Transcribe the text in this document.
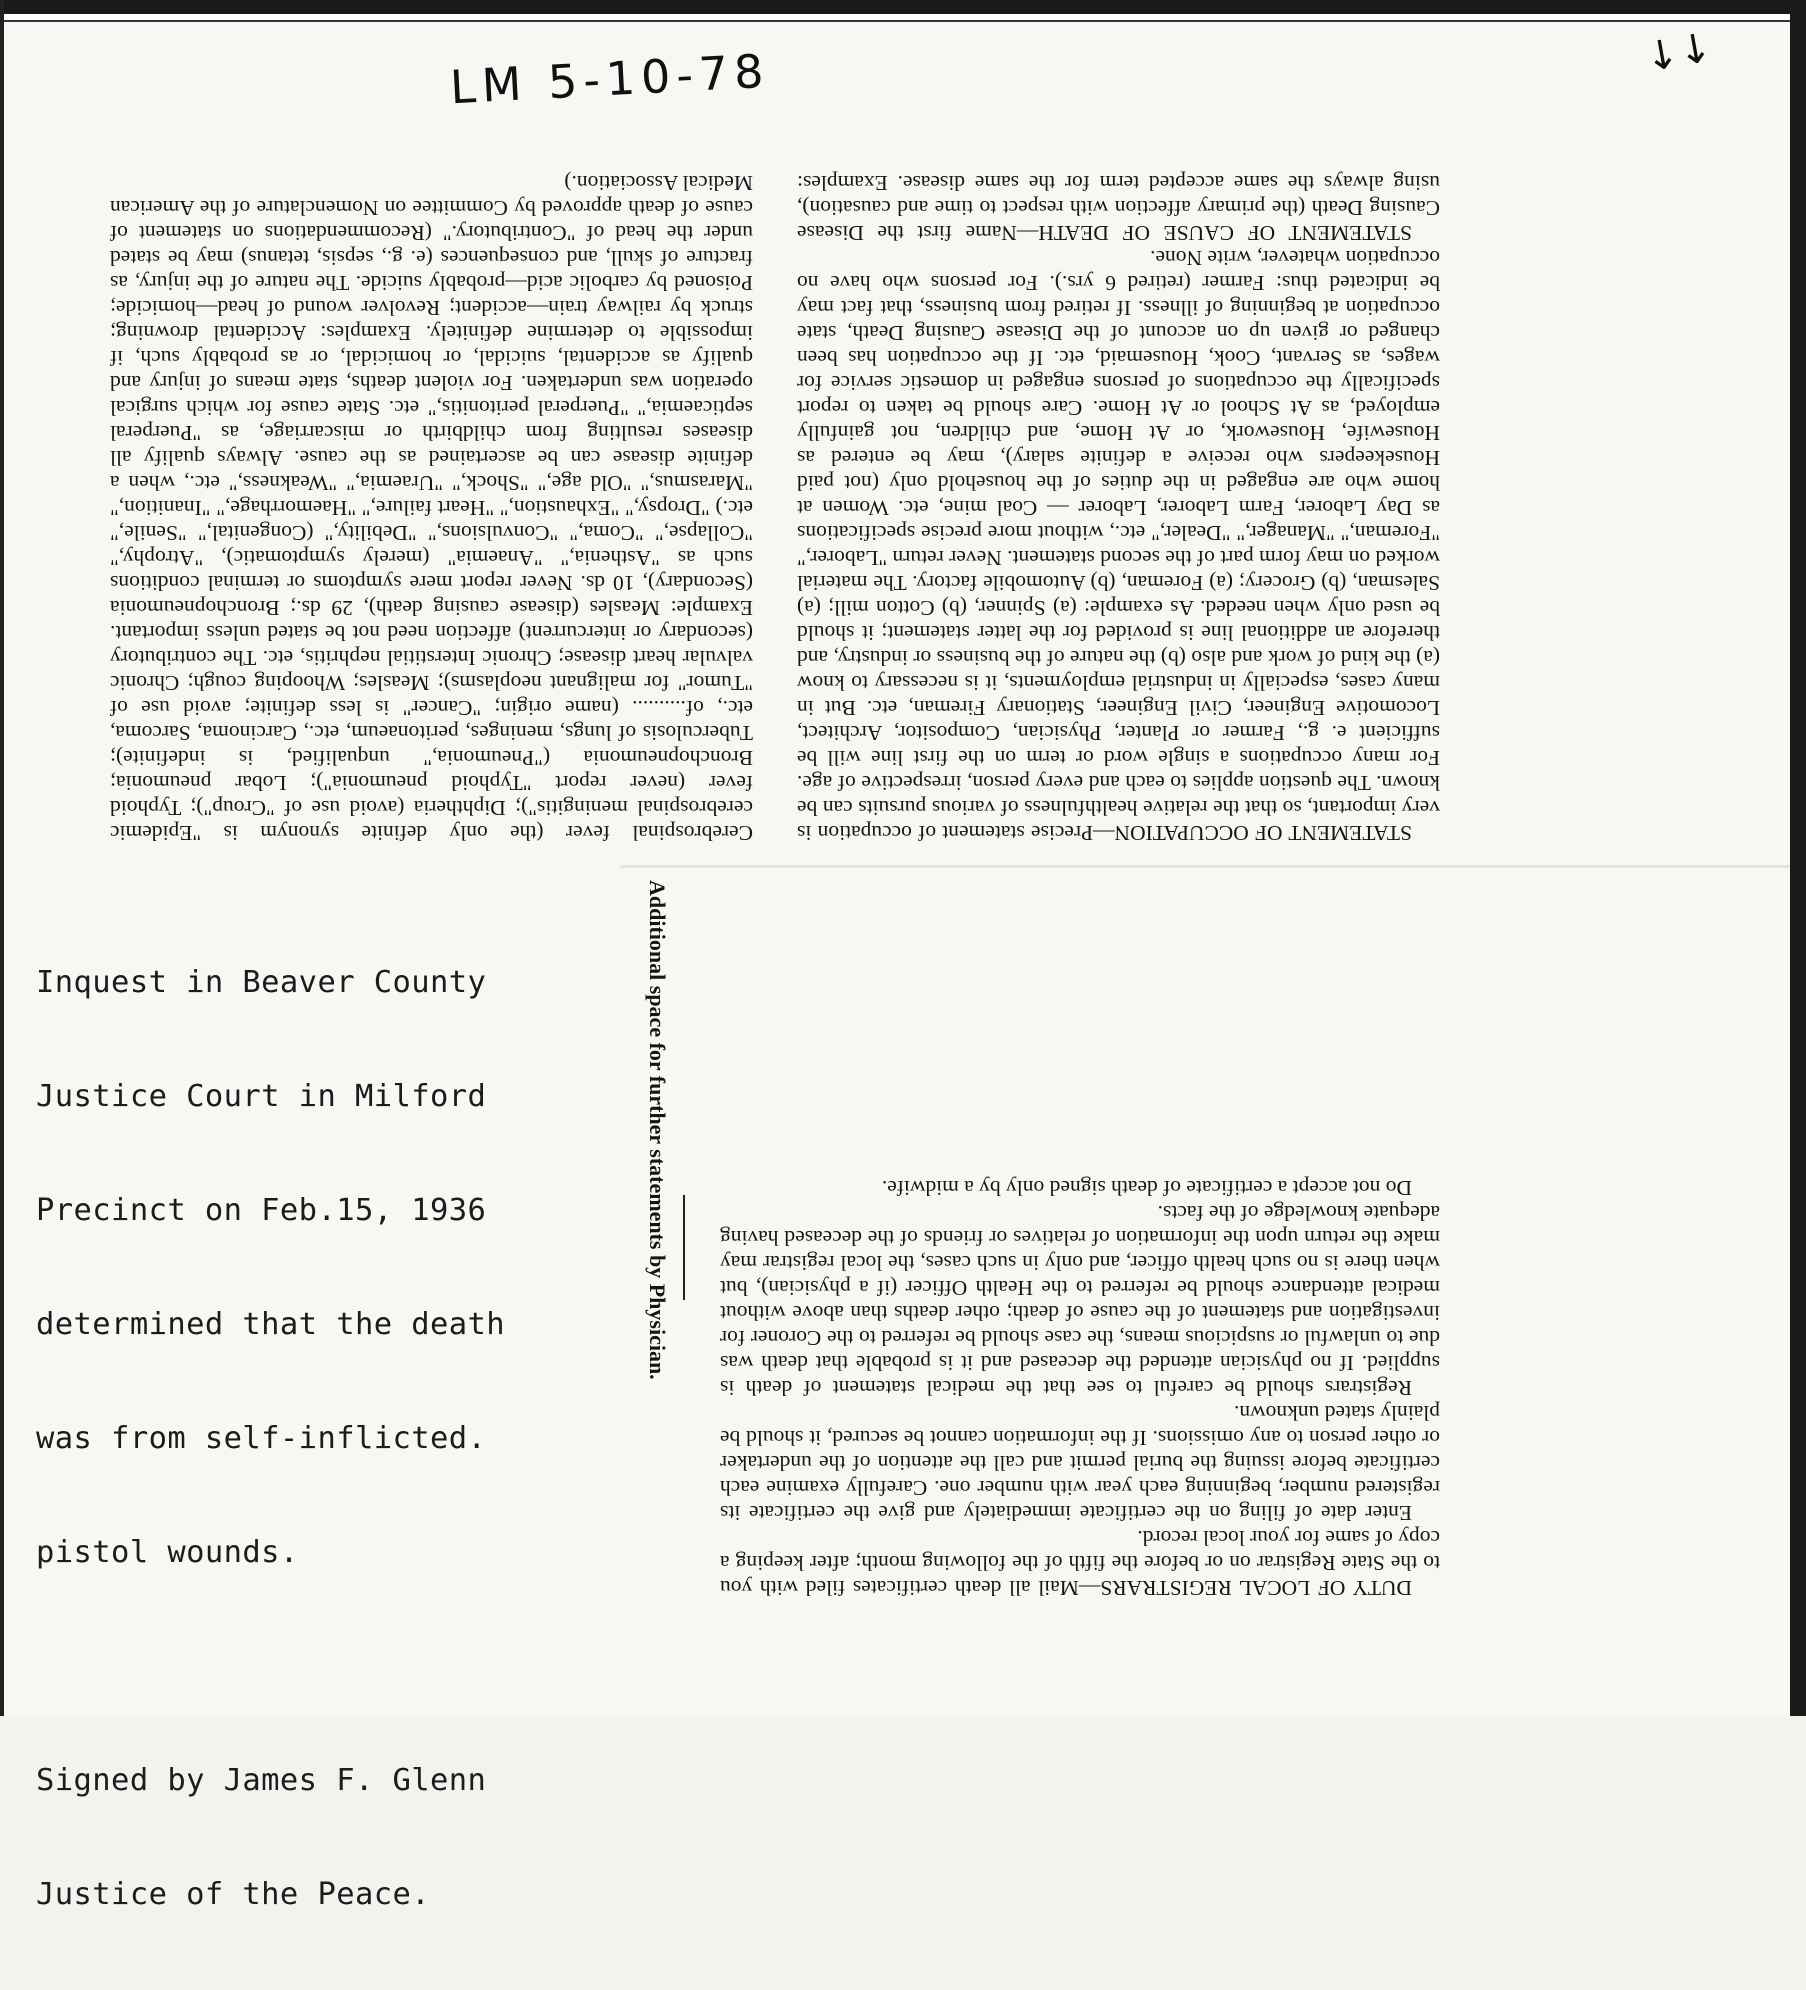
LM 5-10-78	↓↓

STATEMENT OF OCCUPATION—Precise statement of occupation is very important, so that the relative healthfulness of various pursuits can be known. The question applies to each and every person, irrespective of age. For many occupations a single word or term on the first line will be sufficient e. g., Farmer or Planter, Physician, Compositor, Architect, Locomotive Engineer, Civil Engineer, Stationary Fireman, etc. But in many cases, especially in industrial employments, it is necessary to know (a) the kind of work and also (b) the nature of the business or industry, and therefore an additional line is provided for the latter statement; it should be used only when needed. As example: (a) Spinner, (b) Cotton mill; (a) Salesman, (b) Grocery; (a) Foreman, (b) Automobile factory. The material worked on may form part of the second statement. Never return "Laborer," "Foreman," "Manager," "Dealer," etc., without more precise specifications as Day Laborer, Farm Laborer, Laborer — Coal mine, etc. Women at home who are engaged in the duties of the household only (not paid Housekeepers who receive a definite salary), may be entered as Housewife, Housework, or At Home, and children, not gainfully employed, as At School or At Home. Care should be taken to report specifically the occupations of persons engaged in domestic service for wages, as Servant, Cook, Housemaid, etc. If the occupation has been changed or given up on account of the Disease Causing Death, state occupation at beginning of illness. If retired from business, that fact may be indicated thus: Farmer (retired 6 yrs.). For persons who have no occupation whatever, write None.

STATEMENT OF CAUSE OF DEATH—Name first the Disease Causing Death (the primary affection with respect to time and causation), using always the same accepted term for the same disease. Examples: Cerebrospinal fever (the only definite synonym is "Epidemic cerebrospinal meningitis"); Diphtheria (avoid use of "Croup"); Typhoid fever (never report "Typhoid pneumonia"); Lobar pneumonia; Bronchopneumonia ("Pneumonia," unqualified, is indefinite); Tuberculosis of lungs, meninges, peritonaeum, etc., Carcinoma, Sarcoma, etc., of.......... (name origin; "Cancer" is less definite; avoid use of "Tumor" for malignant neoplasms); Measles; Whooping cough; Chronic valvular heart disease; Chronic Interstitial nephritis, etc. The contributory (secondary or intercurrent) affection need not be stated unless important. Example: Measles (disease causing death), 29 ds.; Bronchopneumonia (Secondary), 10 ds. Never report mere symptoms or terminal conditions such as "Asthenia," "Anaemia" (merely symptomatic), "Atrophy," "Collapse," "Coma," "Convulsions," "Debility," (Congenital," "Senile," etc.) "Dropsy," "Exhaustion," "Heart failure," "Haemorrhage," "Inanition," "Marasmus," "Old age," "Shock," "Uraemia," "Weakness," etc., when a definite disease can be ascertained as the cause. Always qualify all diseases resulting from childbirth or miscarriage, as "Puerperal septicaemia," "Puerperal peritonitis," etc. State cause for which surgical operation was undertaken. For violent deaths, state means of injury and qualify as accidental, suicidal, or homicidal, or as probably such, if impossible to determine definitely. Examples: Accidental drowning; struck by railway train—accident; Revolver wound of head—homicide; Poisoned by carbolic acid—probably suicide. The nature of the injury, as fracture of skull, and consequences (e. g., sepsis, tetanus) may be stated under the head of "Contributory." (Recommendations on statement of cause of death approved by Committee on Nomenclature of the American Medical Association.)

DUTY OF LOCAL REGISTRARS—Mail all death certificates filed with you to the State Registrar on or before the fifth of the following month; after keeping a copy of same for your local record.

Enter date of filing on the certificate immediately and give the certificate its registered number, beginning each year with number one. Carefully examine each certificate before issuing the burial permit and call the attention of the undertaker or other person to any omissions. If the information cannot be secured, it should be plainly stated unknown.

Registrars should be careful to see that the medical statement of death is supplied. If no physician attended the deceased and it is probable that death was due to unlawful or suspicious means, the case should be referred to the Coroner for investigation and statement of the cause of death; other deaths than above without medical attendance should be referred to the Health Officer (if a physician), but when there is no such health officer, and only in such cases, the local registrar may make the return upon the information of relatives or friends of the deceased having adequate knowledge of the facts.

Do not accept a certificate of death signed only by a midwife.

Additional space for further statements by Physician.

Inquest in Beaver County

Justice Court in Milford

Precinct on Feb.15, 1936

determined that the death

was from self-inflicted.

pistol wounds.

Signed by James F. Glenn

Justice of the Peace.
